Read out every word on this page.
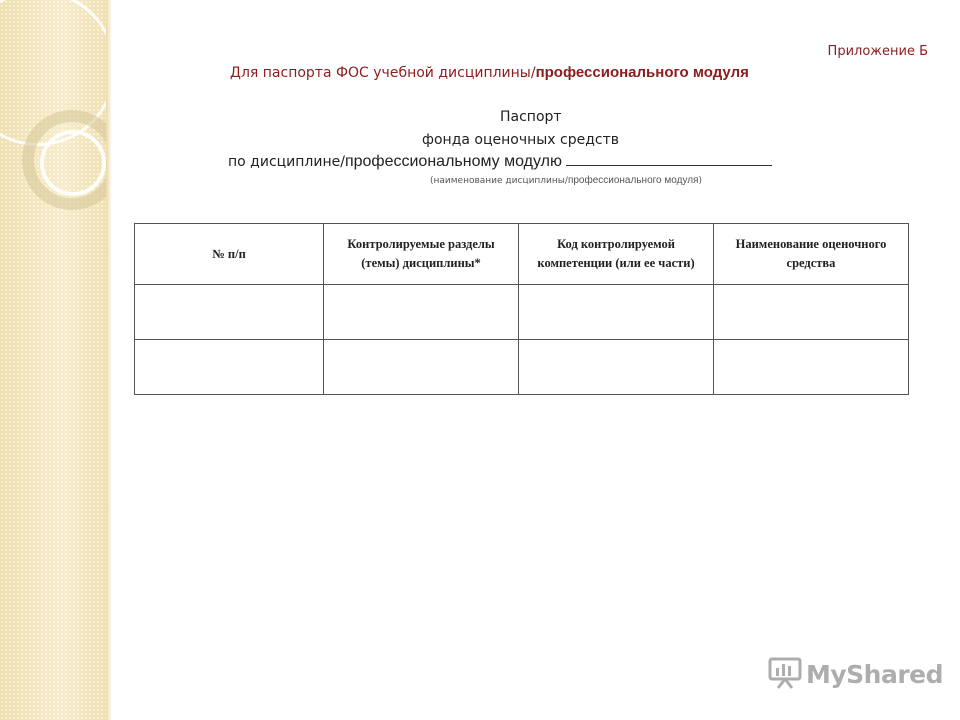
Приложение Б
Для паспорта ФОС учебной дисциплины/профессионального модуля
Паспорт
фонда оценочных средств
по дисциплине/профессиональному модулю
(наименование дисциплины/профессионального модуля)
№ п/п	Контролируемые разделы (темы) дисциплины*	Код контролируемой компетенции (или ее части)	Наименование оценочного средства

MyShared
